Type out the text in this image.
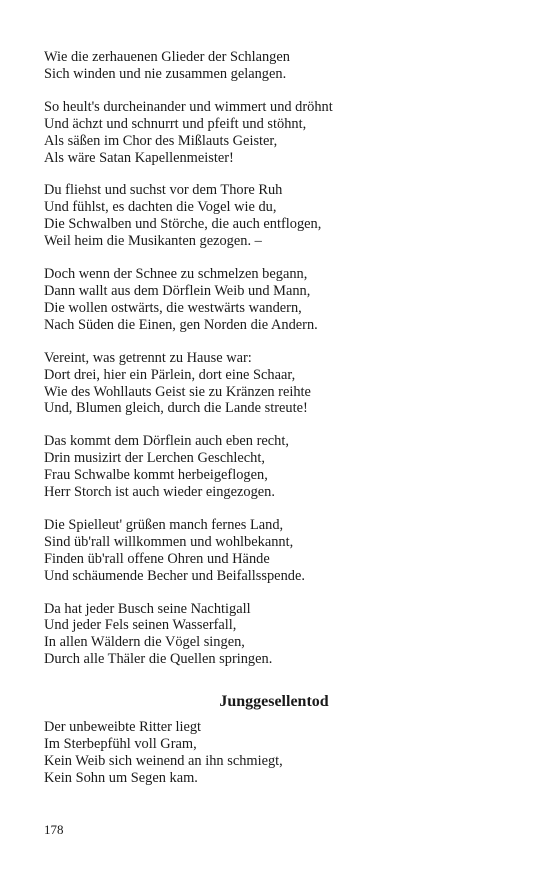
Wie die zerhauenen Glieder der Schlangen
Sich winden und nie zusammen gelangen.
So heult's durcheinander und wimmert und dröhnt
Und ächzt und schnurrt und pfeift und stöhnt,
Als säßen im Chor des Mißlauts Geister,
Als wäre Satan Kapellenmeister!
Du fliehst und suchst vor dem Thore Ruh
Und fühlst, es dachten die Vogel wie du,
Die Schwalben und Störche, die auch entflogen,
Weil heim die Musikanten gezogen. –
Doch wenn der Schnee zu schmelzen begann,
Dann wallt aus dem Dörflein Weib und Mann,
Die wollen ostwärts, die westwärts wandern,
Nach Süden die Einen, gen Norden die Andern.
Vereint, was getrennt zu Hause war:
Dort drei, hier ein Pärlein, dort eine Schaar,
Wie des Wohllauts Geist sie zu Kränzen reihte
Und, Blumen gleich, durch die Lande streute!
Das kommt dem Dörflein auch eben recht,
Drin musizirt der Lerchen Geschlecht,
Frau Schwalbe kommt herbeigeflogen,
Herr Storch ist auch wieder eingezogen.
Die Spielleut' grüßen manch fernes Land,
Sind üb'rall willkommen und wohlbekannt,
Finden üb'rall offene Ohren und Hände
Und schäumende Becher und Beifallsspende.
Da hat jeder Busch seine Nachtigall
Und jeder Fels seinen Wasserfall,
In allen Wäldern die Vögel singen,
Durch alle Thäler die Quellen springen.
Junggesellentod
Der unbeweibte Ritter liegt
Im Sterbepfühl voll Gram,
Kein Weib sich weinend an ihn schmiegt,
Kein Sohn um Segen kam.
178
